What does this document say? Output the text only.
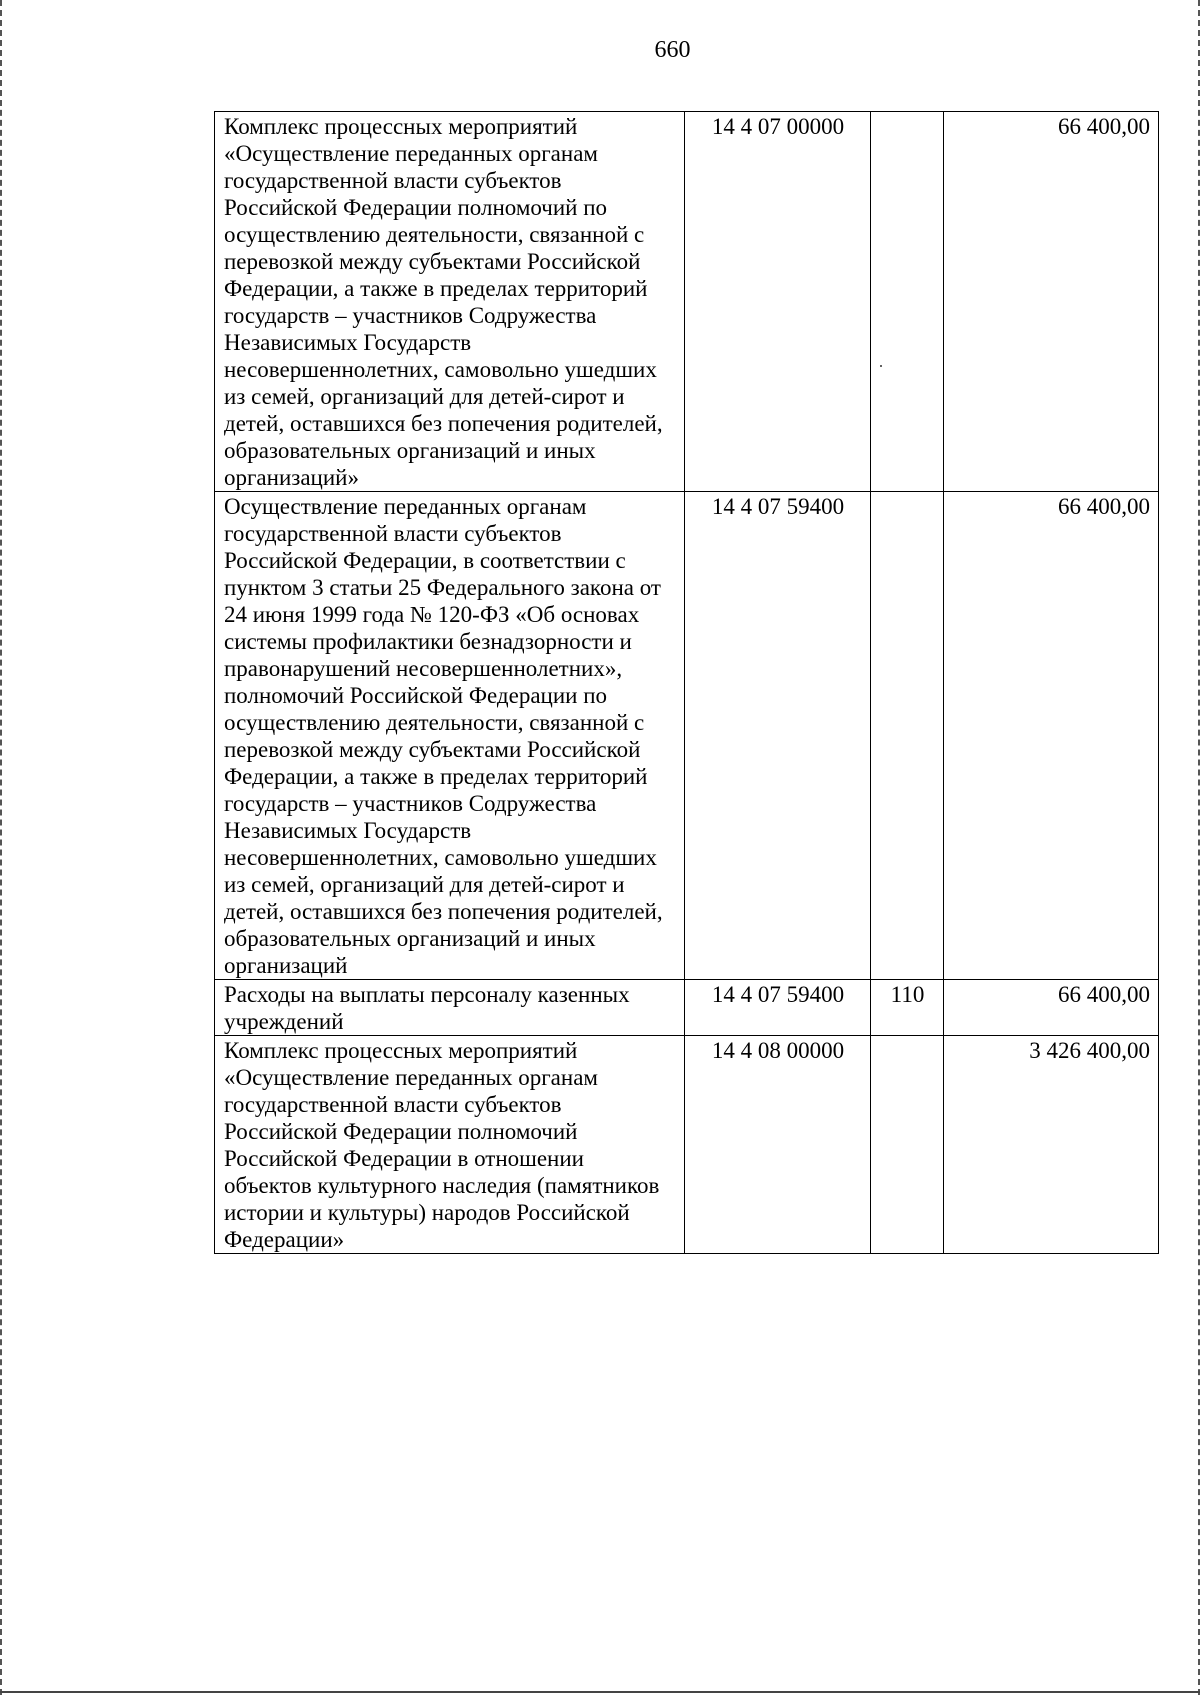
660
Комплекс процессных мероприятий «Осуществление переданных органам государственной власти субъектов Российской Федерации полномочий по осуществлению деятельности, связанной с перевозкой между субъектами Российской Федерации, а также в пределах территорий государств – участников Содружества Независимых Государств несовершеннолетних, самовольно ушедших из семей, организаций для детей-сирот и детей, оставшихся без попечения родителей, образовательных организаций и иных организаций»	14 4 07 00000		66 400,00
Осуществление переданных органам государственной власти субъектов Российской Федерации, в соответствии с пунктом 3 статьи 25 Федерального закона от 24 июня 1999 года № 120-ФЗ «Об основах системы профилактики безнадзорности и правонарушений несовершеннолетних», полномочий Российской Федерации по осуществлению деятельности, связанной с перевозкой между субъектами Российской Федерации, а также в пределах территорий государств – участников Содружества Независимых Государств несовершеннолетних, самовольно ушедших из семей, организаций для детей-сирот и детей, оставшихся без попечения родителей, образовательных организаций и иных организаций	14 4 07 59400		66 400,00
Расходы на выплаты персоналу казенных учреждений	14 4 07 59400	110	66 400,00
Комплекс процессных мероприятий «Осуществление переданных органам государственной власти субъектов Российской Федерации полномочий Российской Федерации в отношении объектов культурного наследия (памятников истории и культуры) народов Российской Федерации»	14 4 08 00000		3 426 400,00
